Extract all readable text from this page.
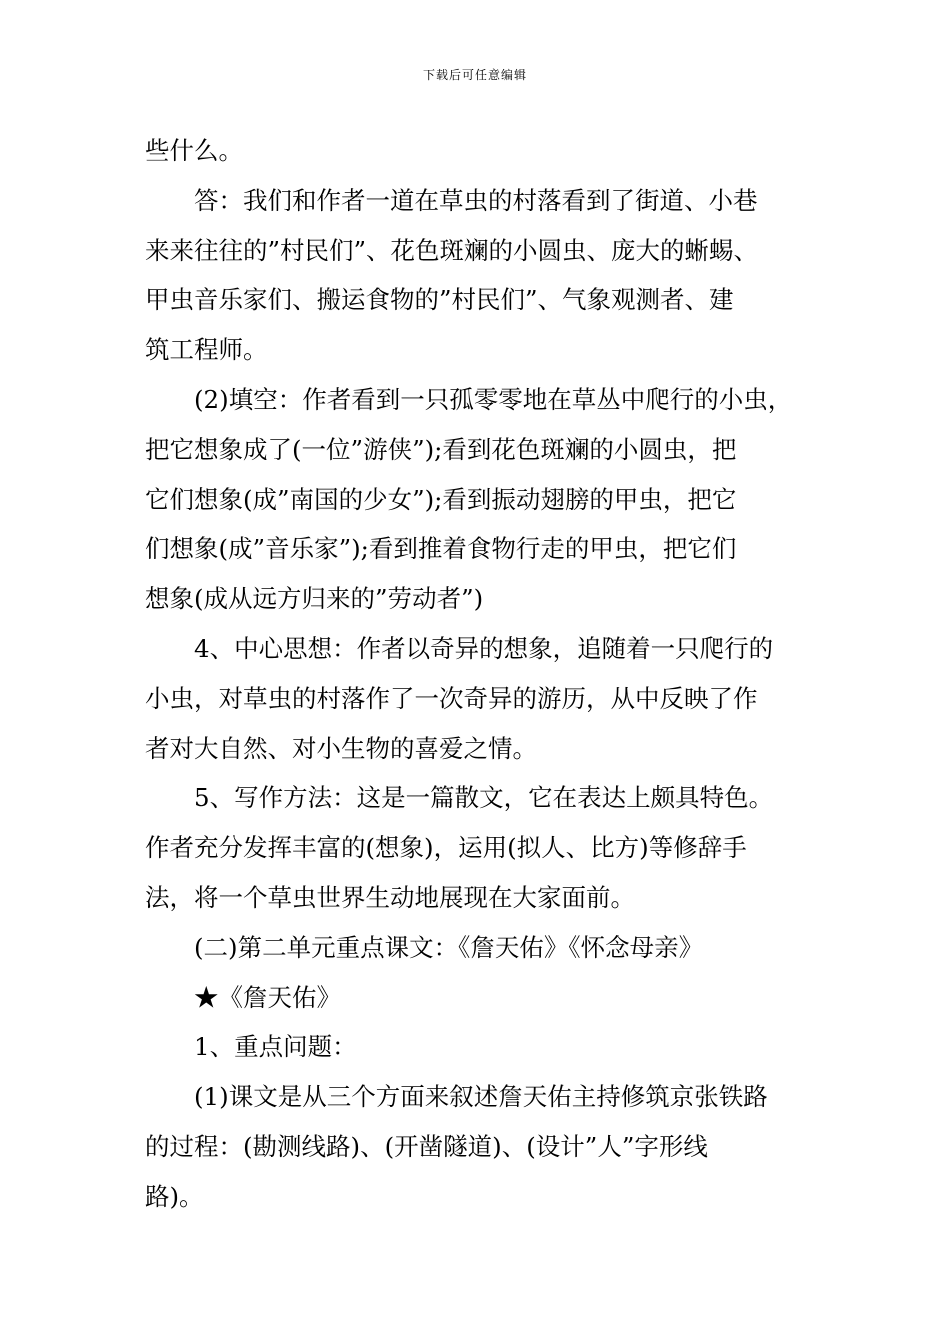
下载后可任意编辑

些什么。

答：我们和作者一道在草虫的村落看到了街道、小巷

来来往往的”村民们”、花色斑斓的小圆虫、庞大的蜥蜴、

甲虫音乐家们、搬运食物的”村民们”、气象观测者、建

筑工程师。

(2)填空：作者看到一只孤零零地在草丛中爬行的小虫，

把它想象成了(一位”游侠”);看到花色斑斓的小圆虫，把

它们想象(成”南国的少女”);看到振动翅膀的甲虫，把它

们想象(成”音乐家”);看到推着食物行走的甲虫，把它们

想象(成从远方归来的”劳动者”)

4、中心思想：作者以奇异的想象，追随着一只爬行的

小虫，对草虫的村落作了一次奇异的游历，从中反映了作

者对大自然、对小生物的喜爱之情。

5、写作方法：这是一篇散文，它在表达上颇具特色。

作者充分发挥丰富的(想象)，运用(拟人、比方)等修辞手

法，将一个草虫世界生动地展现在大家面前。

(二)第二单元重点课文：《詹天佑》《怀念母亲》

★《詹天佑》

1、重点问题：

(1)课文是从三个方面来叙述詹天佑主持修筑京张铁路

的过程：(勘测线路)、(开凿隧道)、(设计”人”字形线

路)。
